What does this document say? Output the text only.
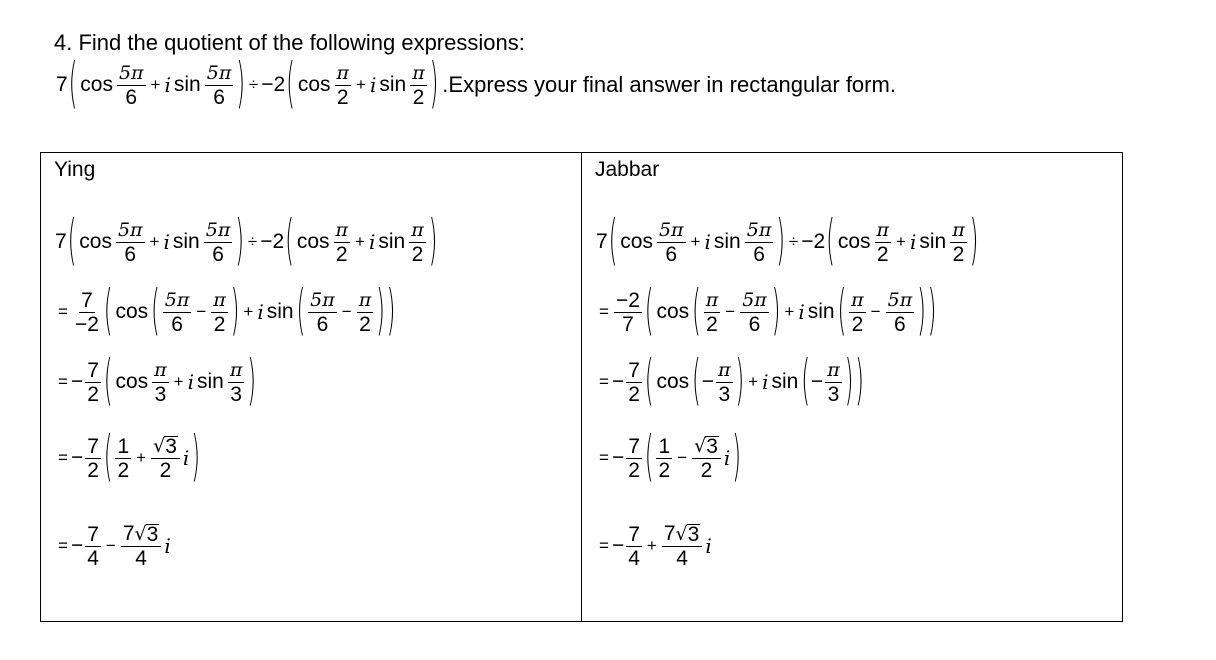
4. Find the quotient of the following expressions:
7 ( $\cos \frac{5\pi}{6} + i$ $\sin \frac{5\pi}{6}$ ) ÷ −2 ( $\cos \frac{\pi}{2} + i$ $\sin \frac{\pi}{2}$ ) .Express your final answer in rectangular form.
Ying
7 ( $\cos \frac{5\pi}{6} + i$ $\sin \frac{5\pi}{6}$ ) ÷ −2 ( $\cos \frac{\pi}{2} + i$ $\sin \frac{\pi}{2}$ )
= $\frac{7}{-2}$ ( cos ( $\frac{5\pi}{6} - \frac{\pi}{2}$ ) + i sin ( $\frac{5\pi}{6} - \frac{\pi}{2}$ ) )
= − $\frac{7}{2}$ ( $\cos \frac{\pi}{3} + i$ $\sin \frac{\pi}{3}$ )
= − $\frac{7}{2}$ ( $\frac{1}{2} + \frac{√ 3}{2}$ i )
= − $\frac{7}{4} - \frac{7 √ 3}{4}$ i
Jabbar
7 ( $\cos \frac{5\pi}{6} + i$ $\sin \frac{5\pi}{6}$ ) ÷ −2 ( $\cos \frac{\pi}{2} + i$ $\sin \frac{\pi}{2}$ )
= $\frac{-2}{7}$ ( cos ( $\frac{\pi}{2} - \frac{5\pi}{6}$ ) + i sin ( $\frac{\pi}{2} - \frac{5\pi}{6}$ ) )
= − $\frac{7}{2}$ ( cos ( − $\frac{\pi}{3}$ ) + i sin ( − $\frac{\pi}{3}$ ) )
= − $\frac{7}{2}$ ( $\frac{1}{2} - \frac{√ 3}{2}$ i )
= − $\frac{7}{4} + \frac{7 √ 3}{4}$ i
